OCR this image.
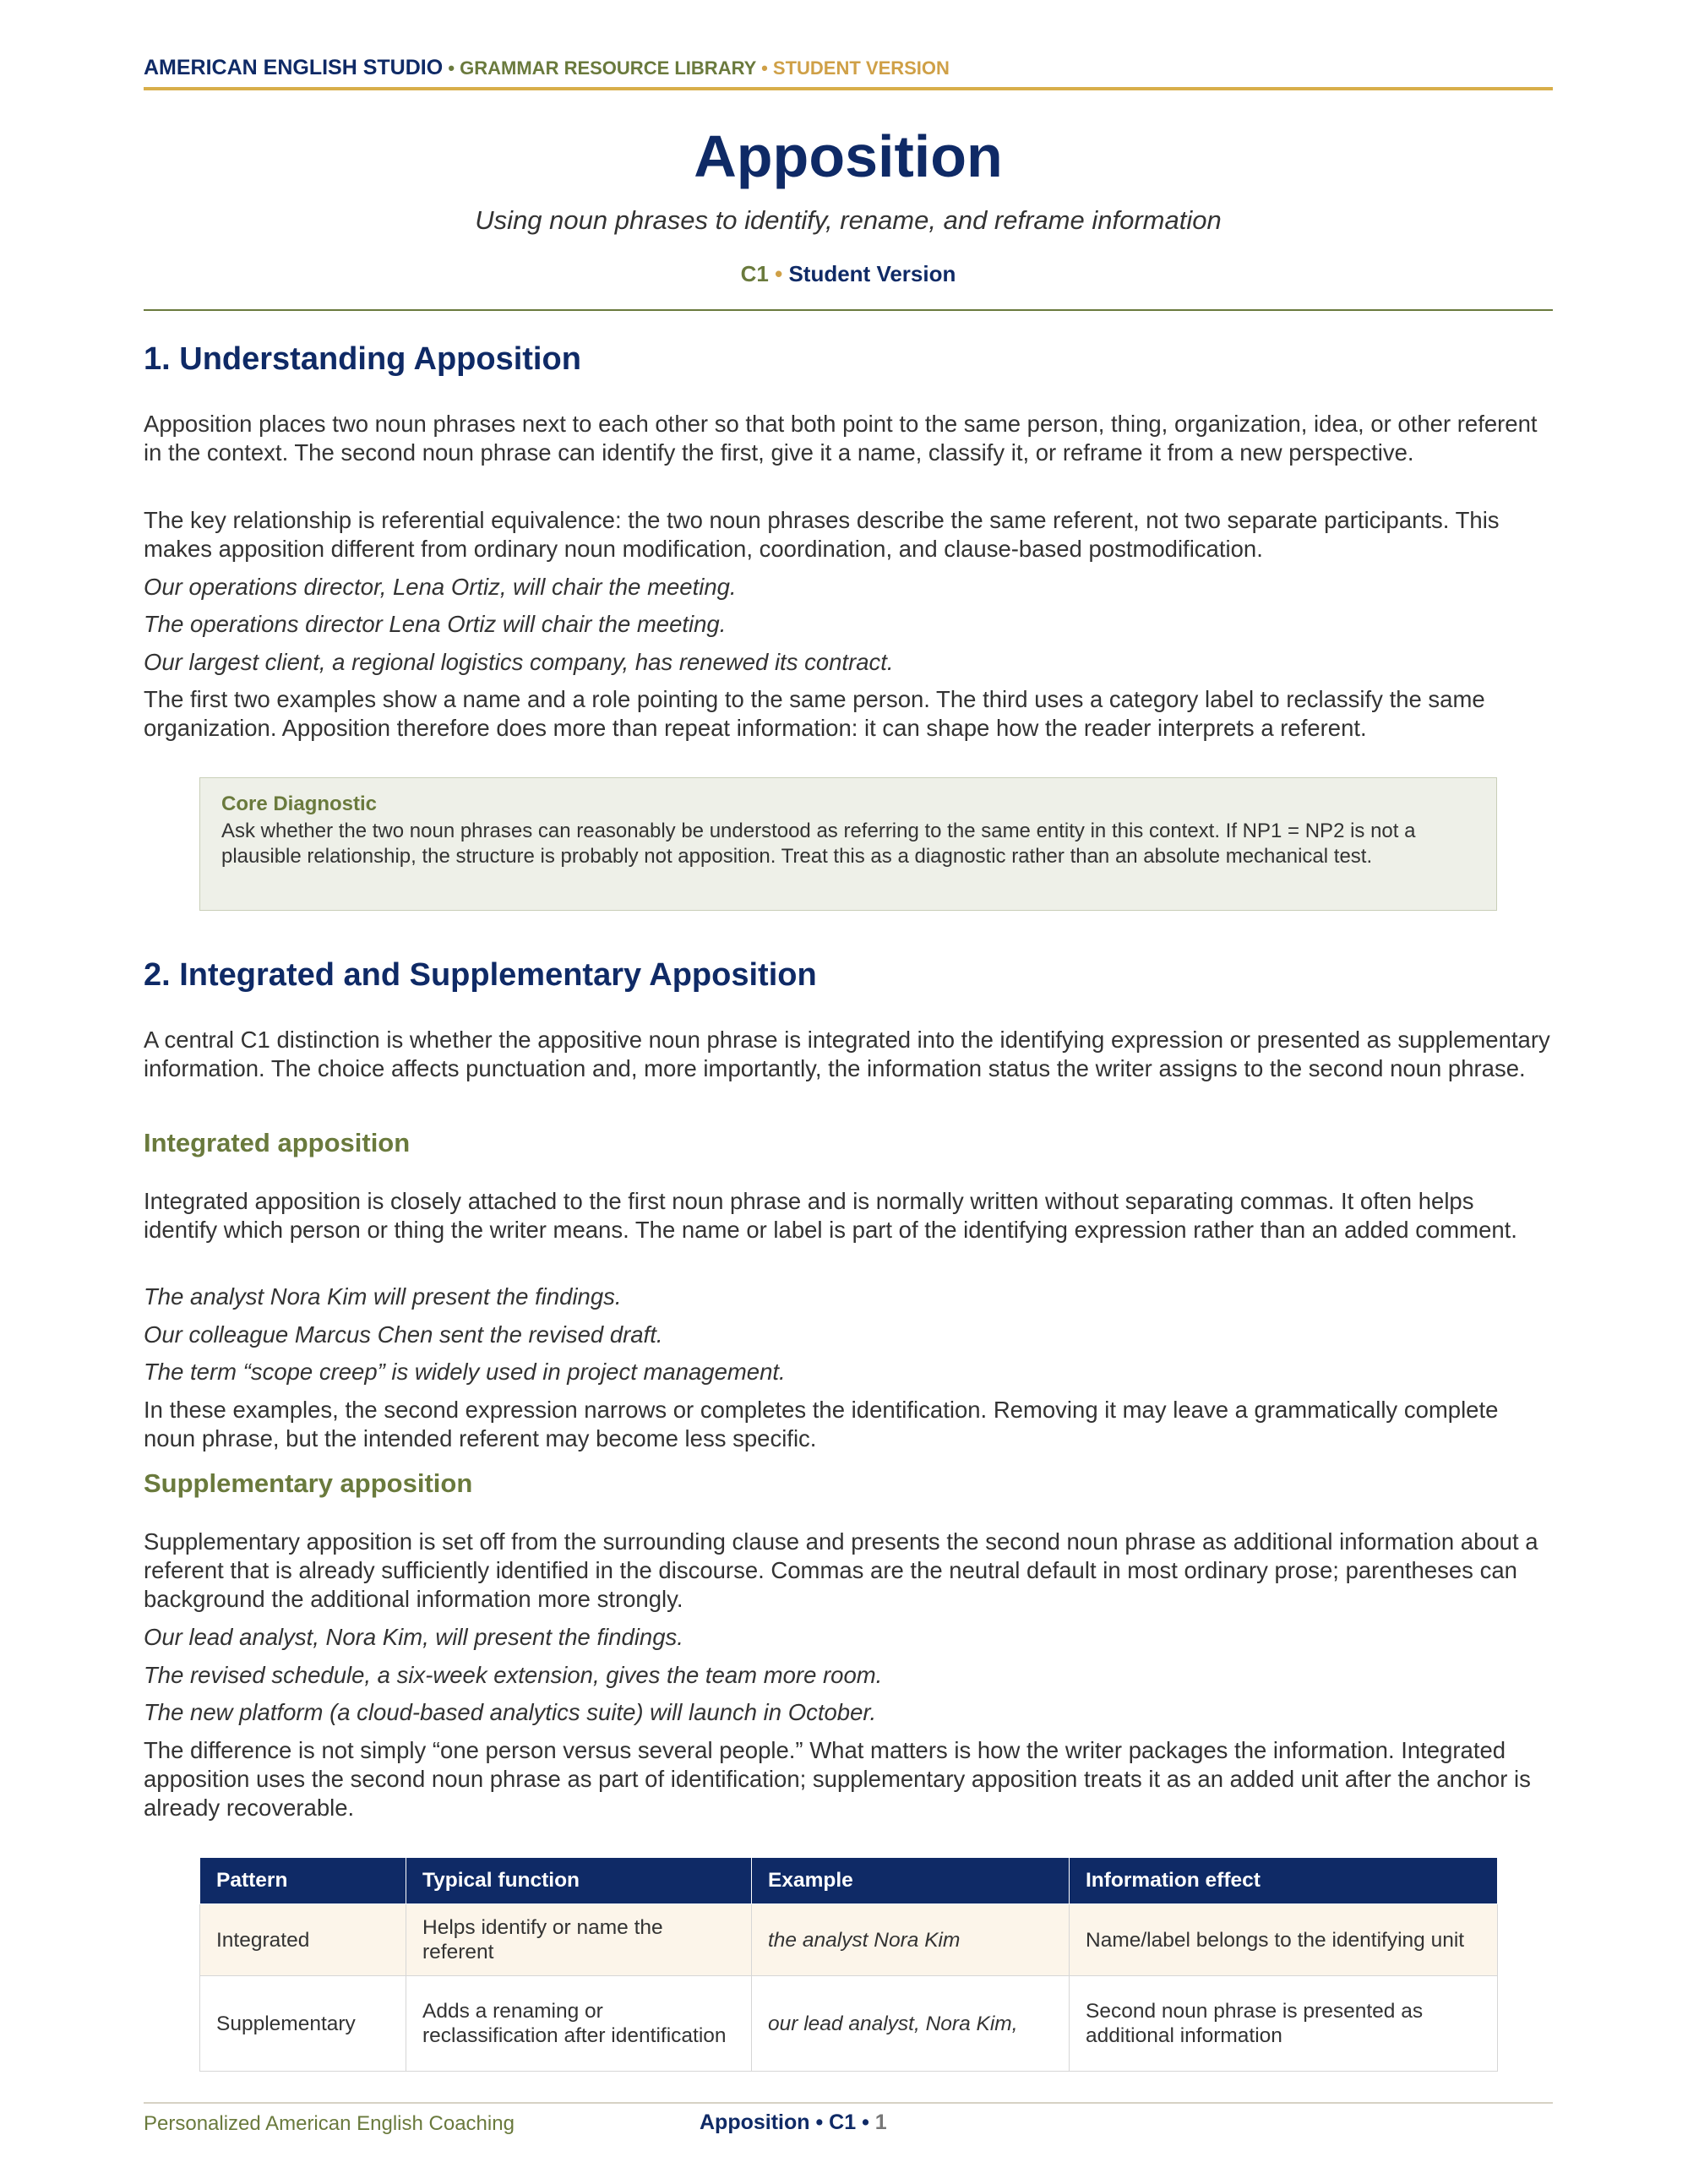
AMERICAN ENGLISH STUDIO • GRAMMAR RESOURCE LIBRARY • STUDENT VERSION
Apposition
Using noun phrases to identify, rename, and reframe information
C1 • Student Version
1. Understanding Apposition
Apposition places two noun phrases next to each other so that both point to the same person, thing, organization, idea, or other referent in the context. The second noun phrase can identify the first, give it a name, classify it, or reframe it from a new perspective.
The key relationship is referential equivalence: the two noun phrases describe the same referent, not two separate participants. This makes apposition different from ordinary noun modification, coordination, and clause-based postmodification.
Our operations director, Lena Ortiz, will chair the meeting.
The operations director Lena Ortiz will chair the meeting.
Our largest client, a regional logistics company, has renewed its contract.
The first two examples show a name and a role pointing to the same person. The third uses a category label to reclassify the same organization. Apposition therefore does more than repeat information: it can shape how the reader interprets a referent.
Core Diagnostic
Ask whether the two noun phrases can reasonably be understood as referring to the same entity in this context. If NP1 = NP2 is not a plausible relationship, the structure is probably not apposition. Treat this as a diagnostic rather than an absolute mechanical test.
2. Integrated and Supplementary Apposition
A central C1 distinction is whether the appositive noun phrase is integrated into the identifying expression or presented as supplementary information. The choice affects punctuation and, more importantly, the information status the writer assigns to the second noun phrase.
Integrated apposition
Integrated apposition is closely attached to the first noun phrase and is normally written without separating commas. It often helps identify which person or thing the writer means. The name or label is part of the identifying expression rather than an added comment.
The analyst Nora Kim will present the findings.
Our colleague Marcus Chen sent the revised draft.
The term “scope creep” is widely used in project management.
In these examples, the second expression narrows or completes the identification. Removing it may leave a grammatically complete noun phrase, but the intended referent may become less specific.
Supplementary apposition
Supplementary apposition is set off from the surrounding clause and presents the second noun phrase as additional information about a referent that is already sufficiently identified in the discourse. Commas are the neutral default in most ordinary prose; parentheses can background the additional information more strongly.
Our lead analyst, Nora Kim, will present the findings.
The revised schedule, a six-week extension, gives the team more room.
The new platform (a cloud-based analytics suite) will launch in October.
The difference is not simply “one person versus several people.” What matters is how the writer packages the information. Integrated apposition uses the second noun phrase as part of identification; supplementary apposition treats it as an added unit after the anchor is already recoverable.
Pattern	Typical function	Example	Information effect
Integrated	Helps identify or name the referent	the analyst Nora Kim	Name/label belongs to the identifying unit
Supplementary	Adds a renaming or reclassification after identification	our lead analyst, Nora Kim,	Second noun phrase is presented as additional information
Personalized American English Coaching	Apposition • C1 • 1
